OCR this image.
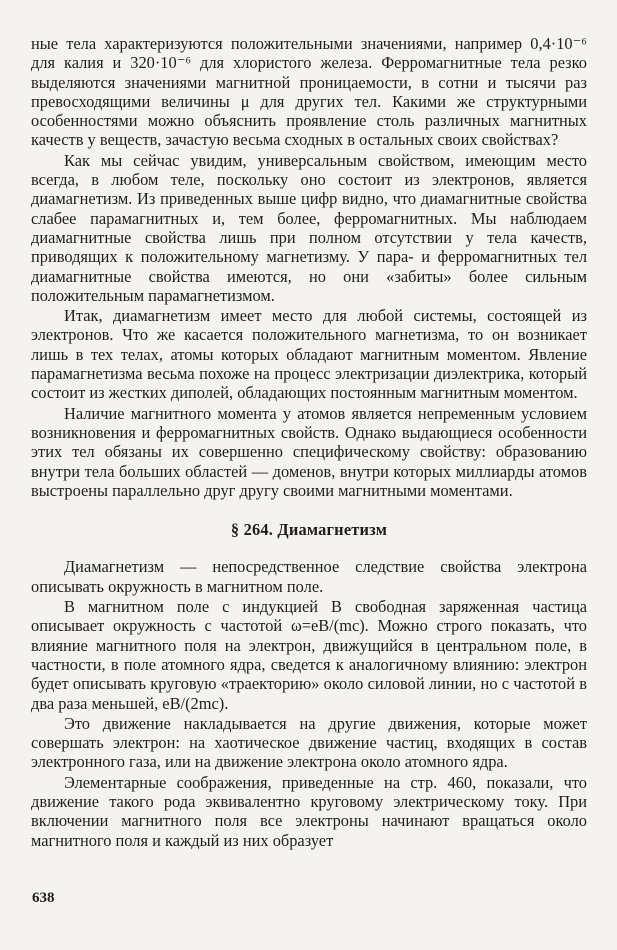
ные тела характеризуются положительными значениями, например 0,4·10⁻⁶ для калия и 320·10⁻⁶ для хлористого железа. Ферромагнитные тела резко выделяются значениями магнитной проницаемости, в сотни и тысячи раз превосходящими величины μ для других тел. Какими же структурными особенностями можно объяснить проявление столь различных магнитных качеств у веществ, зачастую весьма сходных в остальных своих свойствах?

Как мы сейчас увидим, универсальным свойством, имеющим место всегда, в любом теле, поскольку оно состоит из электронов, является диамагнетизм. Из приведенных выше цифр видно, что диамагнитные свойства слабее парамагнитных и, тем более, ферромагнитных. Мы наблюдаем диамагнитные свойства лишь при полном отсутствии у тела качеств, приводящих к положительному магнетизму. У пара- и ферромагнитных тел диамагнитные свойства имеются, но они «забиты» более сильным положительным парамагнетизмом.

Итак, диамагнетизм имеет место для любой системы, состоящей из электронов. Что же касается положительного магнетизма, то он возникает лишь в тех телах, атомы которых обладают магнитным моментом. Явление парамагнетизма весьма похоже на процесс электризации диэлектрика, который состоит из жестких диполей, обладающих постоянным магнитным моментом.

Наличие магнитного момента у атомов является непременным условием возникновения и ферромагнитных свойств. Однако выдающиеся особенности этих тел обязаны их совершенно специфическому свойству: образованию внутри тела больших областей — доменов, внутри которых миллиарды атомов выстроены параллельно друг другу своими магнитными моментами.

§ 264. Диамагнетизм

Диамагнетизм — непосредственное следствие свойства электрона описывать окружность в магнитном поле.

В магнитном поле с индукцией B свободная заряженная частица описывает окружность с частотой ω=eB/(mc). Можно строго показать, что влияние магнитного поля на электрон, движущийся в центральном поле, в частности, в поле атомного ядра, сведется к аналогичному влиянию: электрон будет описывать круговую «траекторию» около силовой линии, но с частотой в два раза меньшей, eB/(2mc).

Это движение накладывается на другие движения, которые может совершать электрон: на хаотическое движение частиц, входящих в состав электронного газа, или на движение электрона около атомного ядра.

Элементарные соображения, приведенные на стр. 460, показали, что движение такого рода эквивалентно круговому электрическому току. При включении магнитного поля все электроны начинают вращаться около магнитного поля и каждый из них образует

638
